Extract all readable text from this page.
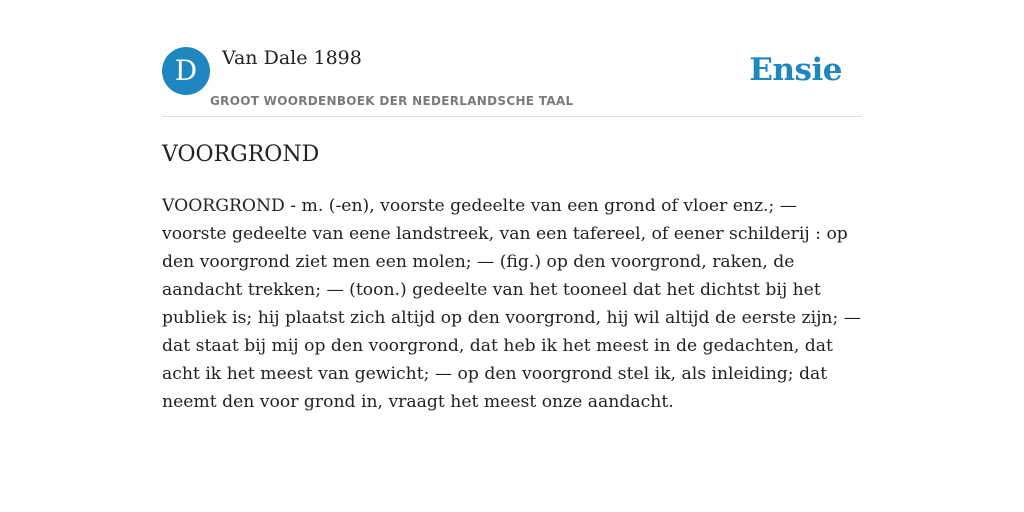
D	Van Dale 1898
GROOT WOORDENBOEK DER NEDERLANDSCHE TAAL
Ensie
VOORGROND

VOORGROND - m. (-en), voorste gedeelte van een grond of vloer enz.; — voorste gedeelte van eene landstreek, van een tafereel, of eener schilderij : op den voorgrond ziet men een molen; — (fig.) op den voorgrond, raken, de aandacht trekken; — (toon.) gedeelte van het tooneel dat het dichtst bij het publiek is; hij plaatst zich altijd op den voorgrond, hij wil altijd de eerste zijn; — dat staat bij mij op den voorgrond, dat heb ik het meest in de gedachten, dat acht ik het meest van gewicht; — op den voorgrond stel ik, als inleiding; dat neemt den voor grond in, vraagt het meest onze aandacht.
